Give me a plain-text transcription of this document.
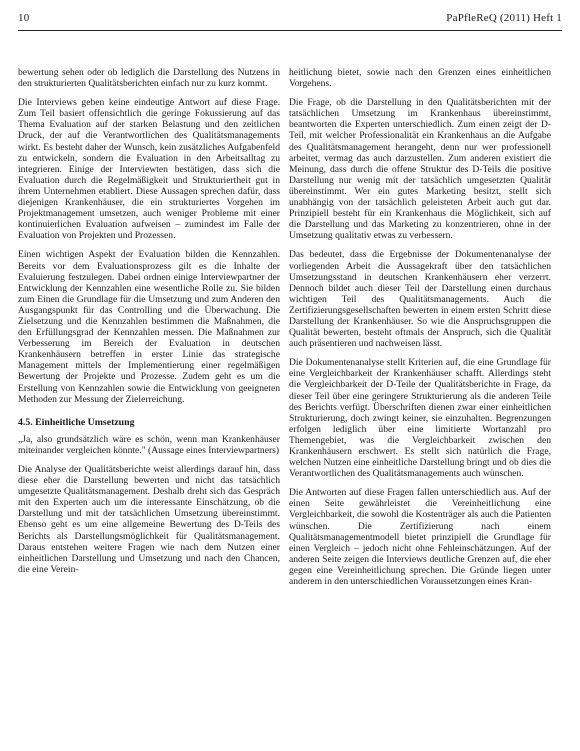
10	PaPfleReQ (2011) Heft 1

bewertung sehen oder ob lediglich die Darstellung des Nutzens in den strukturierten Qualitätsberichten einfach nur zu kurz kommt.

Die Interviews geben keine eindeutige Antwort auf diese Frage. Zum Teil basiert offensichtlich die geringe Fokussierung auf das Thema Evaluation auf der starken Belastung und den zeitlichen Druck, der auf die Verantwortlichen des Qualitätsmanagements wirkt. Es besteht daher der Wunsch, kein zusätzliches Aufgabenfeld zu entwickeln, sondern die Evaluation in den Arbeitsalltag zu integrieren. Einige der Interviewten bestätigen, dass sich die Evaluation durch die Regelmäßigkeit und Strukturiertheit gut in ihrem Unternehmen etabliert. Diese Aussagen sprechen dafür, dass diejenigen Krankenhäuser, die ein strukturiertes Vorgehen im Projektmanagement umsetzen, auch weniger Probleme mit einer kontinuierlichen Evaluation aufweisen – zumindest im Falle der Evaluation von Projekten und Prozessen.

Einen wichtigen Aspekt der Evaluation bilden die Kennzahlen. Bereits vor dem Evaluationsprozess gilt es die Inhalte der Evaluierung festzulegen. Dabei ordnen einige Interviewpartner der Entwicklung der Kennzahlen eine wesentliche Rolle zu. Sie bilden zum Einen die Grundlage für die Umsetzung und zum Anderen den Ausgangspunkt für das Controlling und die Überwachung. Die Zielsetzung und die Kennzahlen bestimmen die Maßnahmen, die den Erfüllungsgrad der Kennzahlen messen. Die Maßnahmen zur Verbesserung im Bereich der Evaluation in deutschen Krankenhäusern betreffen in erster Linie das strategische Management mittels der Implementierung einer regelmäßigen Bewertung der Projekte und Prozesse. Zudem geht es um die Erstellung von Kennzahlen sowie die Entwicklung von geeigneten Methoden zur Messung der Zielerreichung.

4.5. Einheitliche Umsetzung

„Ja, also grundsätzlich wäre es schön, wenn man Krankenhäuser miteinander vergleichen könnte." (Aussage eines Interviewpartners)

Die Analyse der Qualitätsberichte weist allerdings darauf hin, dass diese eher die Darstellung bewerten und nicht das tatsächlich umgesetzte Qualitätsmanagement. Deshalb dreht sich das Gespräch mit den Experten auch um die interessante Einschätzung, ob die Darstellung und mit der tatsächlichen Umsetzung übereinstimmt. Ebenso geht es um eine allgemeine Bewertung des D-Teils des Berichts als Darstellungsmöglichkeit für Qualitätsmanagement. Daraus entstehen weitere Fragen wie nach dem Nutzen einer einheitlichen Darstellung und Umsetzung und nach den Chancen, die eine Verein-

heitlichung bietet, sowie nach den Grenzen eines einheitlichen Vorgehens.

Die Frage, ob die Darstellung in den Qualitätsberichten mit der tatsächlichen Umsetzung im Krankenhaus übereinstimmt, beantworten die Experten unterschiedlich. Zum einen zeigt der D-Teil, mit welcher Professionalität ein Krankenhaus an die Aufgabe des Qualitätsmanagement herangeht, denn nur wer professionell arbeitet, vermag das auch darzustellen. Zum anderen existiert die Meinung, dass durch die offene Struktur des D-Teils die positive Darstellung nur wenig mit der tatsächlich umgesetzten Qualität übereinstimmt. Wer ein gutes Marketing besitzt, stellt sich unabhängig von der tatsächlich geleisteten Arbeit auch gut dar. Prinzipiell besteht für ein Krankenhaus die Möglichkeit, sich auf die Darstellung und das Marketing zu konzentrieren, ohne in der Umsetzung qualitativ etwas zu verbessern.

Das bedeutet, dass die Ergebnisse der Dokumentenanalyse der vorliegenden Arbeit die Aussagekraft über den tatsächlichen Umsetzungsstand in deutschen Krankenhäusern eher verzerrt. Dennoch bildet auch dieser Teil der Darstellung einen durchaus wichtigen Teil des Qualitätsmanagements. Auch die Zertifizierungsgesellschaften bewerten in einem ersten Schritt diese Darstellung der Krankenhäuser. So wie die Anspruchsgruppen die Qualität bewerten, besteht oftmals der Anspruch, sich die Qualität auch präsentieren und nachweisen lässt.

Die Dokumentenanalyse stellt Kriterien auf, die eine Grundlage für eine Vergleichbarkeit der Krankenhäuser schafft. Allerdings steht die Vergleichbarkeit der D-Teile der Qualitätsberichte in Frage, da dieser Teil über eine geringere Strukturierung als die anderen Teile des Berichts verfügt. Überschriften dienen zwar einer einheitlichen Strukturierung, doch zwingt keiner, sie einzuhalten. Begrenzungen erfolgen lediglich über eine limitierte Wortanzahl pro Themengebiet, was die Vergleichbarkeit zwischen den Krankenhäusern erschwert. Es stellt sich natürlich die Frage, welchen Nutzen eine einheitliche Darstellung bringt und ob dies die Verantwortlichen des Qualitätsmanagements auch wünschen.

Die Antworten auf diese Fragen fallen unterschiedlich aus. Auf der einen Seite gewährleistet die Vereinheitlichung eine Vergleichbarkeit, die sowohl die Kostenträger als auch die Patienten wünschen. Die Zertifizierung nach einem Qualitätsmanagementmodell bietet prinzipiell die Grundlage für einen Vergleich – jedoch nicht ohne Fehleinschätzungen. Auf der anderen Seite zeigen die Interviews deutliche Grenzen auf, die eher gegen eine Vereinheitlichung sprechen. Die Gründe liegen unter anderem in den unterschiedlichen Voraussetzungen eines Kran-
